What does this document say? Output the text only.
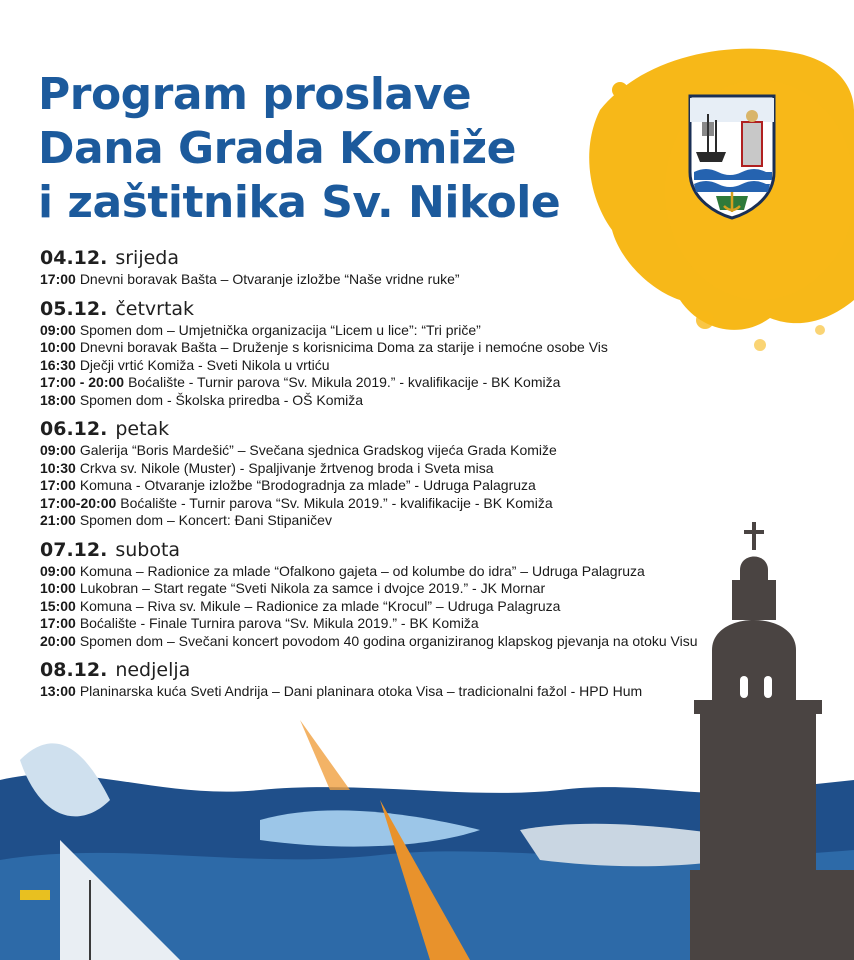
Program proslave
Dana Grada Komiže
i zaštitnika Sv. Nikole
04.12. srijeda
17:00 Dnevni boravak Bašta – Otvaranje izložbe “Naše vridne ruke”
05.12. četvrtak
09:00 Spomen dom – Umjetnička organizacija “Licem u lice”: “Tri priče”
10:00 Dnevni boravak Bašta – Druženje s korisnicima Doma za starije i nemoćne osobe Vis
16:30 Dječji vrtić Komiža - Sveti Nikola u vrtiću
17:00 - 20:00 Boćalište - Turnir parova “Sv. Mikula 2019.” - kvalifikacije - BK Komiža
18:00 Spomen dom - Školska priredba - OŠ Komiža
06.12. petak
09:00 Galerija “Boris Mardešić” – Svečana sjednica Gradskog vijeća Grada Komiže
10:30 Crkva sv. Nikole (Muster) - Spaljivanje žrtvenog broda i Sveta misa
17:00 Komuna - Otvaranje izložbe “Brodogradnja za mlade” - Udruga Palagruza
17:00-20:00 Boćalište - Turnir parova “Sv. Mikula 2019.” - kvalifikacije - BK Komiža
21:00 Spomen dom – Koncert: Đani Stipaničev
07.12. subota
09:00 Komuna – Radionice za mlade “Ofalkono gajeta – od kolumbe do idra” – Udruga Palagruza
10:00 Lukobran – Start regate “Sveti Nikola za samce i dvojce 2019.” - JK Mornar
15:00 Komuna – Riva sv. Mikule – Radionice za mlade “Krocul” – Udruga Palagruza
17:00 Boćalište - Finale Turnira parova “Sv. Mikula 2019.” - BK Komiža
20:00 Spomen dom – Svečani koncert povodom 40 godina organiziranog klapskog pjevanja na otoku Visu
08.12. nedjelja
13:00 Planinarska kuća Sveti Andrija – Dani planinara otoka Visa – tradicionalni fažol - HPD Hum
